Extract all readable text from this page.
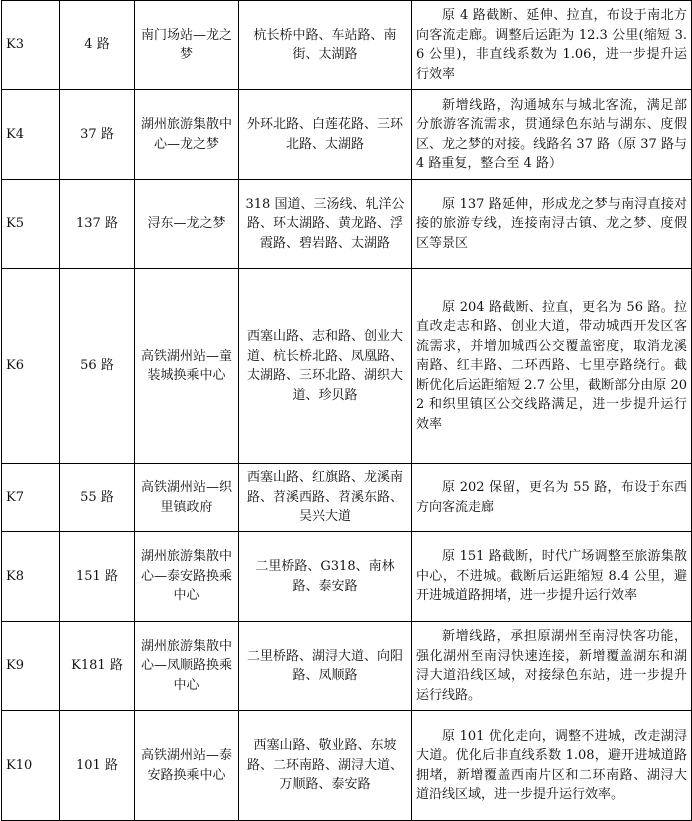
K3	4 路	南门场站—龙之梦	杭长桥中路、车站路、南街、太湖路	原 4 路截断、延伸、拉直，布设于南北方向客流走廊。调整后运距为 12.3 公里(缩短 3.6 公里)，非直线系数为 1.06，进一步提升运行效率
K4	37 路	湖州旅游集散中心—龙之梦	外环北路、白莲花路、三环北路、太湖路	新增线路，沟通城东与城北客流，满足部分旅游客流需求，贯通绿色东站与湖东、度假区、龙之梦的对接。线路名 37 路（原 37 路与 4 路重复，整合至 4 路）
K5	137 路	浔东—龙之梦	318 国道、三汤线、轧洋公路、环太湖路、黄龙路、浮霞路、碧岩路、太湖路	原 137 路延伸，形成龙之梦与南浔直接对接的旅游专线，连接南浔古镇、龙之梦、度假区等景区
K6	56 路	高铁湖州站—童装城换乘中心	西塞山路、志和路、创业大道、杭长桥北路、凤凰路、太湖路、三环北路、湖织大道、珍贝路	原 204 路截断、拉直，更名为 56 路。拉直改走志和路、创业大道，带动城西开发区客流需求，并增加城西公交覆盖密度，取消龙溪南路、红丰路、二环西路、七里亭路绕行。截断优化后运距缩短 2.7 公里，截断部分由原 202 和织里镇区公交线路满足，进一步提升运行效率
K7	55 路	高铁湖州站—织里镇政府	西塞山路、红旗路、龙溪南路、苕溪西路、苕溪东路、吴兴大道	原 202 保留，更名为 55 路，布设于东西方向客流走廊
K8	151 路	湖州旅游集散中心—泰安路换乘中心	二里桥路、G318、南林路、泰安路	原 151 路截断，时代广场调整至旅游集散中心，不进城。截断后运距缩短 8.4 公里，避开进城道路拥堵，进一步提升运行效率
K9	K181 路	湖州旅游集散中心—凤顺路换乘中心	二里桥路、湖浔大道、向阳路、凤顺路	新增线路，承担原湖州至南浔快客功能，强化湖州至南浔快速连接，新增覆盖湖东和湖浔大道沿线区域，对接绿色东站，进一步提升运行线路。
K10	101 路	高铁湖州站—泰安路换乘中心	西塞山路、敬业路、东坡路、二环南路、湖浔大道、万顺路、泰安路	原 101 优化走向，调整不进城，改走湖浔大道。优化后非直线系数 1.08，避开进城道路拥堵，新增覆盖西南片区和二环南路、湖浔大道沿线区域，进一步提升运行效率。
